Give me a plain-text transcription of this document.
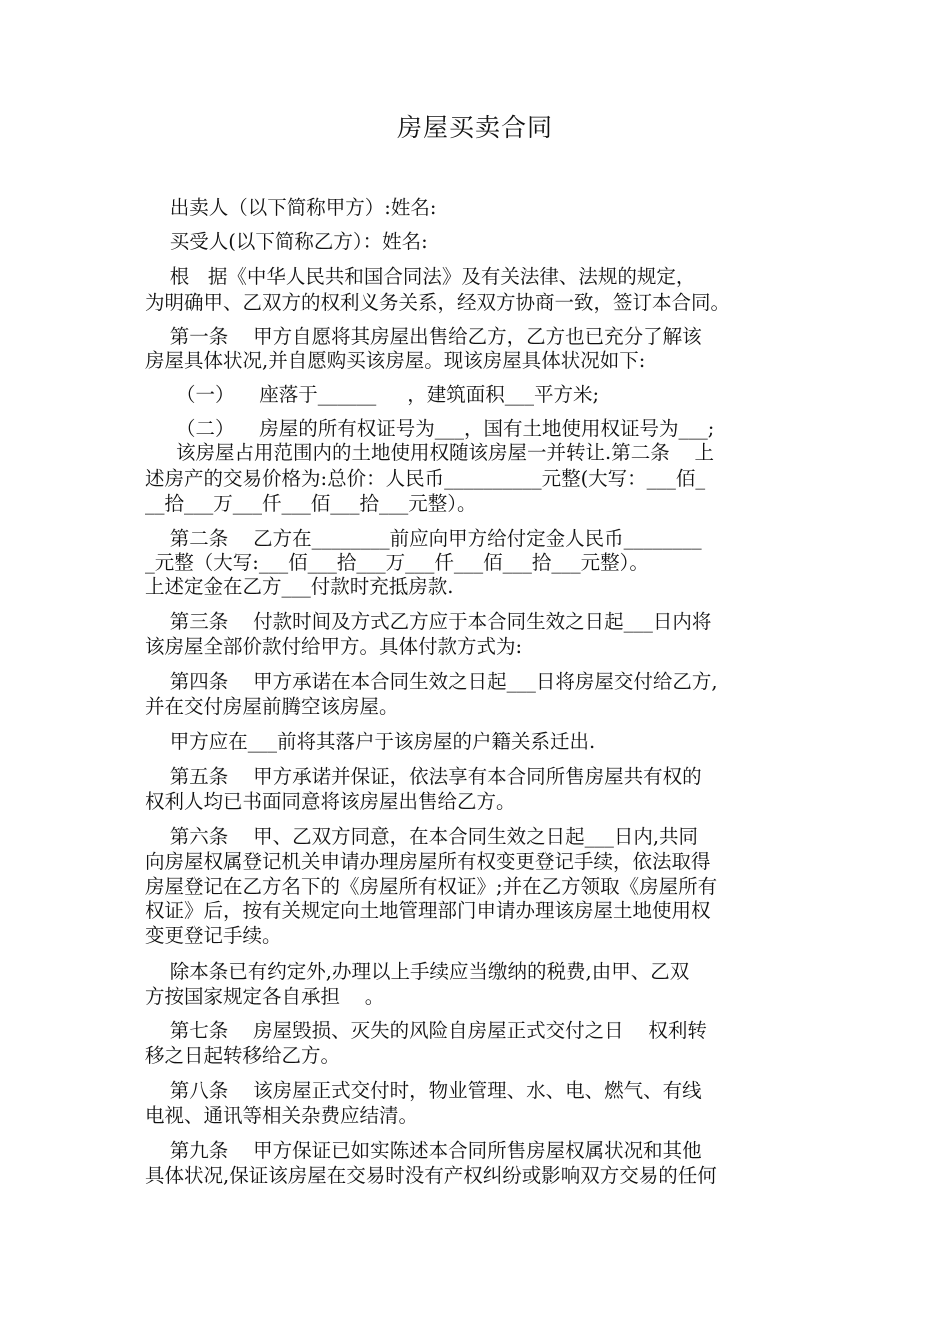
房屋买卖合同
出卖人（以下简称甲方）:姓名:
买受人(以下简称乙方）：姓名:
根   据《中华人民共和国合同法》及有关法律、法规的规定，
为明确甲、乙双方的权利义务关系，经双方协商一致，签订本合同。
第一条    甲方自愿将其房屋出售给乙方，乙方也已充分了解该
房屋具体状况,并自愿购买该房屋。现该房屋具体状况如下:
（一）    座落于______     ，建筑面积___平方米;
（二）    房屋的所有权证号为___，国有土地使用权证号为___;
该房屋占用范围内的土地使用权随该房屋一并转让.第二条    上
述房产的交易价格为:总价：人民币__________元整(大写：___佰_
__拾___万___仟___佰___拾___元整）。
第二条    乙方在________前应向甲方给付定金人民币________
_元整（大写:___佰___拾___万___仟___佰___拾___元整）。
上述定金在乙方___付款时充抵房款.
第三条    付款时间及方式乙方应于本合同生效之日起___日内将
该房屋全部价款付给甲方。具体付款方式为:
第四条    甲方承诺在本合同生效之日起___日将房屋交付给乙方,
并在交付房屋前腾空该房屋。
甲方应在___前将其落户于该房屋的户籍关系迁出.
第五条    甲方承诺并保证，依法享有本合同所售房屋共有权的
权利人均已书面同意将该房屋出售给乙方。
第六条    甲、乙双方同意，在本合同生效之日起___日内,共同
向房屋权属登记机关申请办理房屋所有权变更登记手续，依法取得
房屋登记在乙方名下的《房屋所有权证》;并在乙方领取《房屋所有
权证》后，按有关规定向土地管理部门申请办理该房屋土地使用权
变更登记手续。
除本条已有约定外,办理以上手续应当缴纳的税费,由甲、乙双
方按国家规定各自承担    。
第七条    房屋毁损、灭失的风险自房屋正式交付之日    权利转
移之日起转移给乙方。
第八条    该房屋正式交付时，物业管理、水、电、燃气、有线
电视、通讯等相关杂费应结清。
第九条    甲方保证已如实陈述本合同所售房屋权属状况和其他
具体状况,保证该房屋在交易时没有产权纠纷或影响双方交易的任何
